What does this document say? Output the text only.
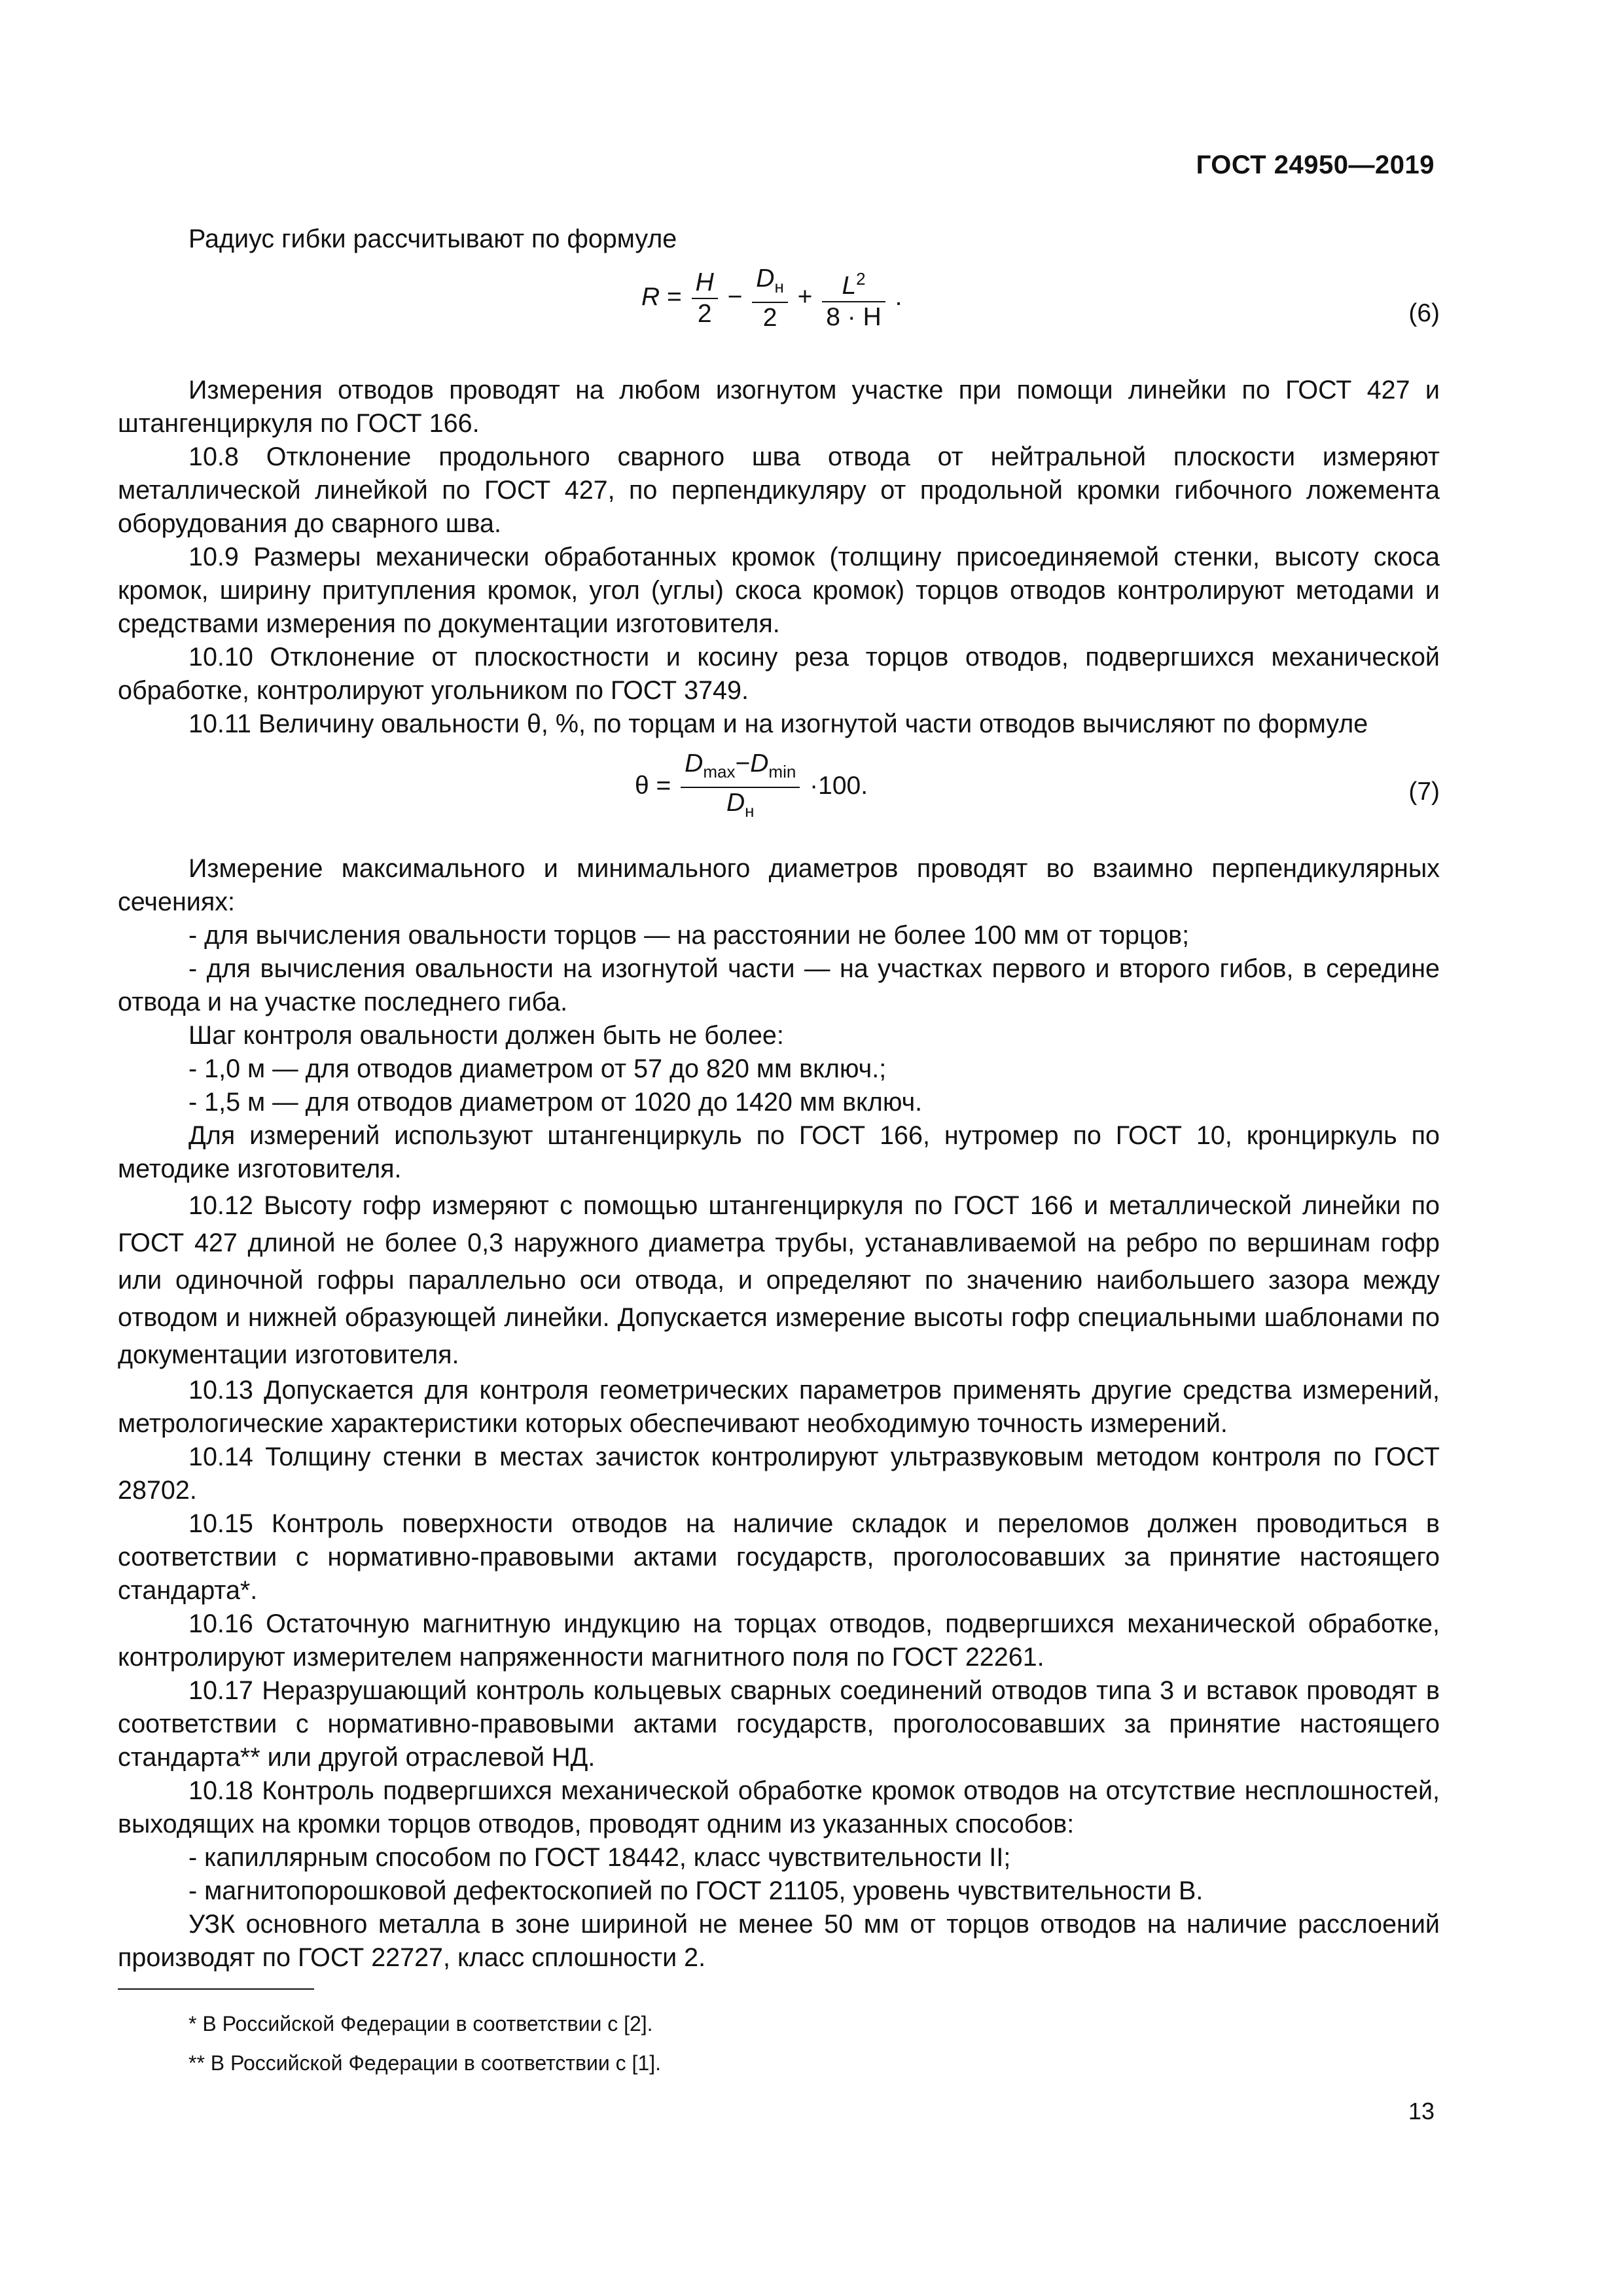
ГОСТ 24950—2019

Радиус гибки рассчитывают по формуле

$R = \frac{H}{2} - \frac{D_н}{2} + \frac{L^2}{8 \cdot H}$ .
(6)

Измерения отводов проводят на любом изогнутом участке при помощи линейки по ГОСТ 427 и штангенциркуля по ГОСТ 166.

10.8 Отклонение продольного сварного шва отвода от нейтральной плоскости измеряют металлической линейкой по ГОСТ 427, по перпендикуляру от продольной кромки гибочного ложемента оборудования до сварного шва.

10.9 Размеры механически обработанных кромок (толщину присоединяемой стенки, высоту скоса кромок, ширину притупления кромок, угол (углы) скоса кромок) торцов отводов контролируют методами и средствами измерения по документации изготовителя.

10.10 Отклонение от плоскостности и косину реза торцов отводов, подвергшихся механической обработке, контролируют угольником по ГОСТ 3749.

10.11 Величину овальности θ, %, по торцам и на изогнутой части отводов вычисляют по формуле

$\theta = \frac{D_{max}-D_{min}}{D_н} \cdot 100$.	(7)

Измерение максимального и минимального диаметров проводят во взаимно перпендикулярных сечениях:

- для вычисления овальности торцов — на расстоянии не более 100 мм от торцов;

- для вычисления овальности на изогнутой части — на участках первого и второго гибов, в середине отвода и на участке последнего гиба.

Шаг контроля овальности должен быть не более:

- 1,0 м — для отводов диаметром от 57 до 820 мм включ.;

- 1,5 м — для отводов диаметром от 1020 до 1420 мм включ.

Для измерений используют штангенциркуль по ГОСТ 166, нутромер по ГОСТ 10, кронциркуль по методике изготовителя.

10.12 Высоту гофр измеряют с помощью штангенциркуля по ГОСТ 166 и металлической линейки по ГОСТ 427 длиной не более 0,3 наружного диаметра трубы, устанавливаемой на ребро по вершинам гофр или одиночной гофры параллельно оси отвода, и определяют по значению наибольшего зазора между отводом и нижней образующей линейки. Допускается измерение высоты гофр специальными шаблонами по документации изготовителя.

10.13 Допускается для контроля геометрических параметров применять другие средства измерений, метрологические характеристики которых обеспечивают необходимую точность измерений.

10.14 Толщину стенки в местах зачисток контролируют ультразвуковым методом контроля по ГОСТ 28702.

10.15 Контроль поверхности отводов на наличие складок и переломов должен проводиться в соответствии с нормативно-правовыми актами государств, проголосовавших за принятие настоящего стандарта*.

10.16 Остаточную магнитную индукцию на торцах отводов, подвергшихся механической обработке, контролируют измерителем напряженности магнитного поля по ГОСТ 22261.

10.17 Неразрушающий контроль кольцевых сварных соединений отводов типа 3 и вставок проводят в соответствии с нормативно-правовыми актами государств, проголосовавших за принятие настоящего стандарта** или другой отраслевой НД.

10.18 Контроль подвергшихся механической обработке кромок отводов на отсутствие несплошностей, выходящих на кромки торцов отводов, проводят одним из указанных способов:

- капиллярным способом по ГОСТ 18442, класс чувствительности II;

- магнитопорошковой дефектоскопией по ГОСТ 21105, уровень чувствительности В.

УЗК основного металла в зоне шириной не менее 50 мм от торцов отводов на наличие расслоений производят по ГОСТ 22727, класс сплошности 2.

* В Российской Федерации в соответствии с [2].
** В Российской Федерации в соответствии с [1].
13
